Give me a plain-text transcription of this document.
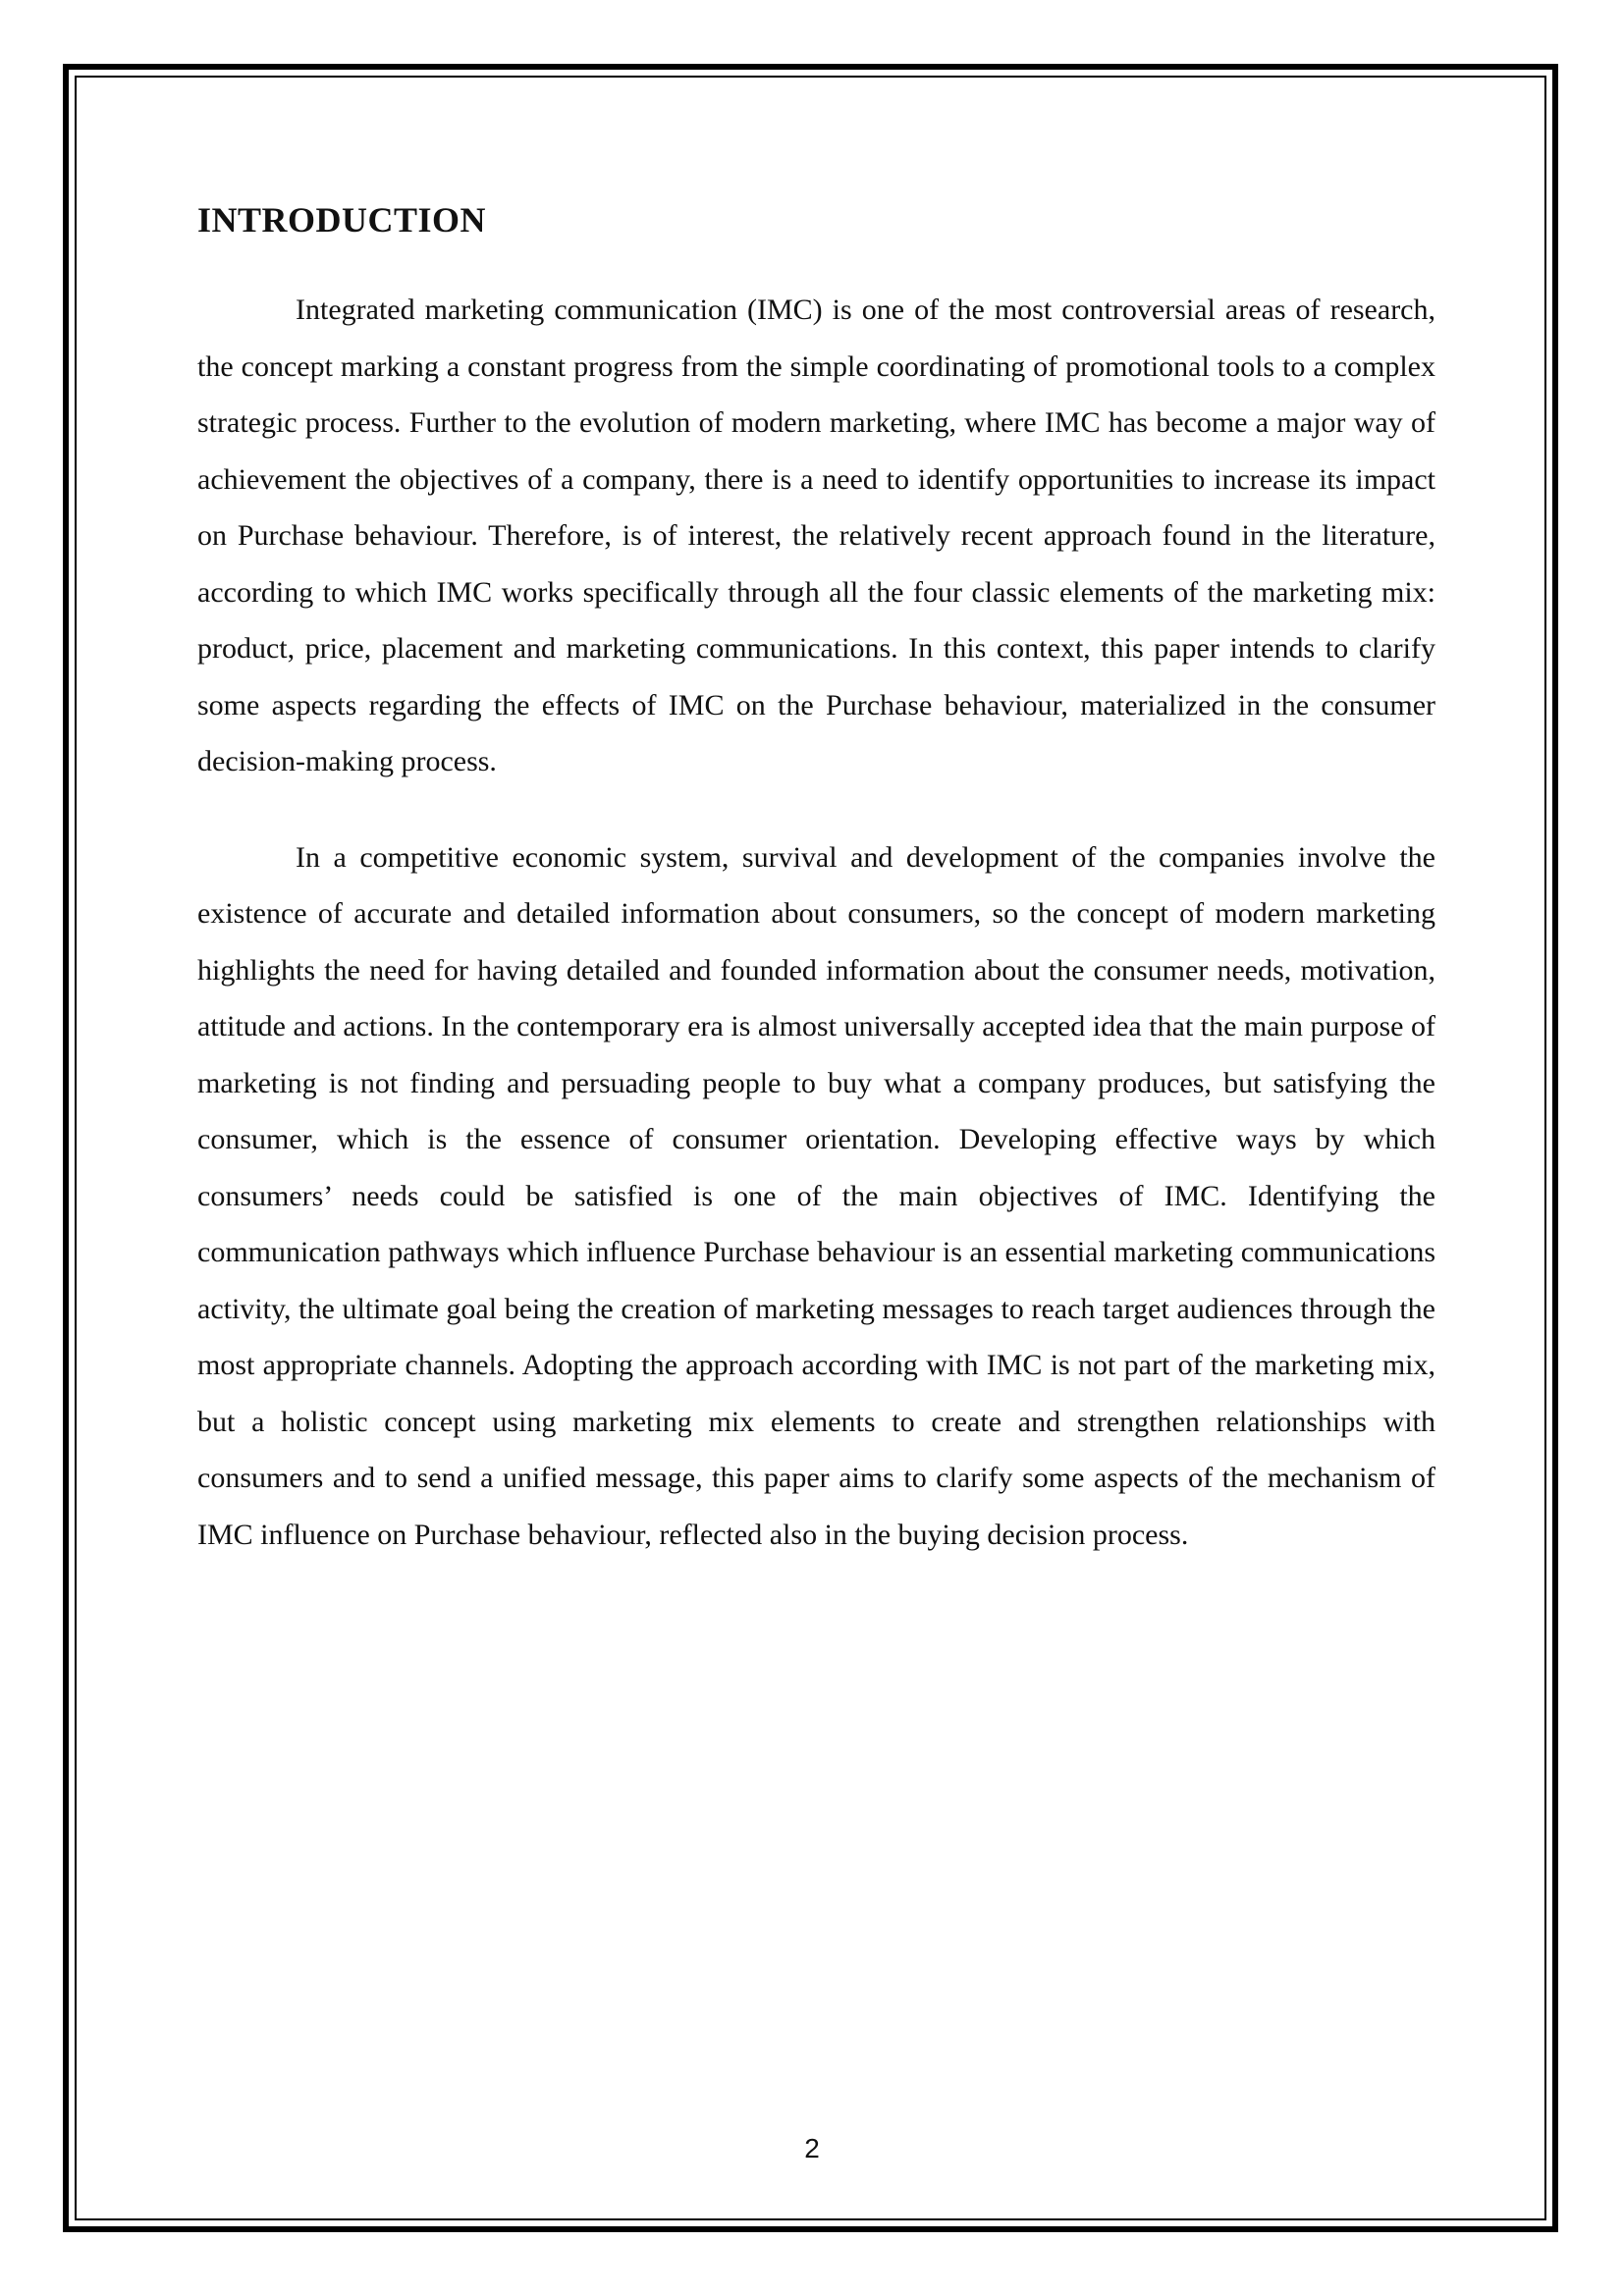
INTRODUCTION

Integrated marketing communication (IMC) is one of the most controversial areas of research, the concept marking a constant progress from the simple coordinating of promotional tools to a complex strategic process. Further to the evolution of modern marketing, where IMC has become a major way of achievement the objectives of a company, there is a need to identify opportunities to increase its impact on Purchase behaviour. Therefore, is of interest, the relatively recent approach found in the literature, according to which IMC works specifically through all the four classic elements of the marketing mix: product, price, placement and marketing communications. In this context, this paper intends to clarify some aspects regarding the effects of IMC on the Purchase behaviour, materialized in the consumer decision-making process.

In a competitive economic system, survival and development of the companies involve the existence of accurate and detailed information about consumers, so the concept of modern marketing highlights the need for having detailed and founded information about the consumer needs, motivation, attitude and actions. In the contemporary era is almost universally accepted idea that the main purpose of marketing is not finding and persuading people to buy what a company produces, but satisfying the consumer, which is the essence of consumer orientation. Developing effective ways by which consumers’ needs could be satisfied is one of the main objectives of IMC. Identifying the communication pathways which influence Purchase behaviour is an essential marketing communications activity, the ultimate goal being the creation of marketing messages to reach target audiences through the most appropriate channels. Adopting the approach according with IMC is not part of the marketing mix, but a holistic concept using marketing mix elements to create and strengthen relationships with consumers and to send a unified message, this paper aims to clarify some aspects of the mechanism of IMC influence on Purchase behaviour, reflected also in the buying decision process.

2
